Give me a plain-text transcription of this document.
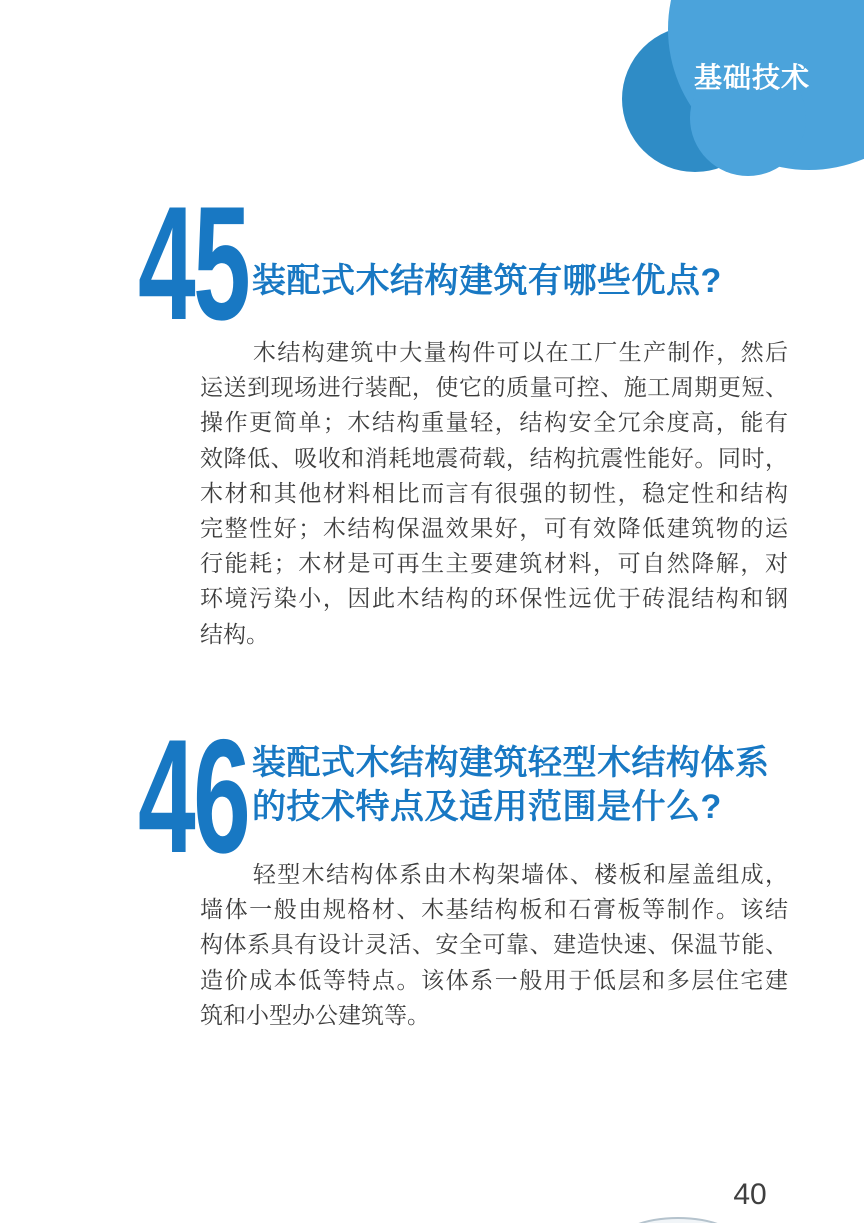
基础技术
45 装配式木结构建筑有哪些优点?
木结构建筑中大量构件可以在工厂生产制作，然后
运送到现场进行装配，使它的质量可控、施工周期更短、
操作更简单；木结构重量轻，结构安全冗余度高，能有
效降低、吸收和消耗地震荷载，结构抗震性能好。同时，
木材和其他材料相比而言有很强的韧性，稳定性和结构
完整性好；木结构保温效果好，可有效降低建筑物的运
行能耗；木材是可再生主要建筑材料，可自然降解，对
环境污染小，因此木结构的环保性远优于砖混结构和钢
结构。
46 装配式木结构建筑轻型木结构体系
的技术特点及适用范围是什么?
轻型木结构体系由木构架墙体、楼板和屋盖组成，
墙体一般由规格材、木基结构板和石膏板等制作。该结
构体系具有设计灵活、安全可靠、建造快速、保温节能、
造价成本低等特点。该体系一般用于低层和多层住宅建
筑和小型办公建筑等。
40
